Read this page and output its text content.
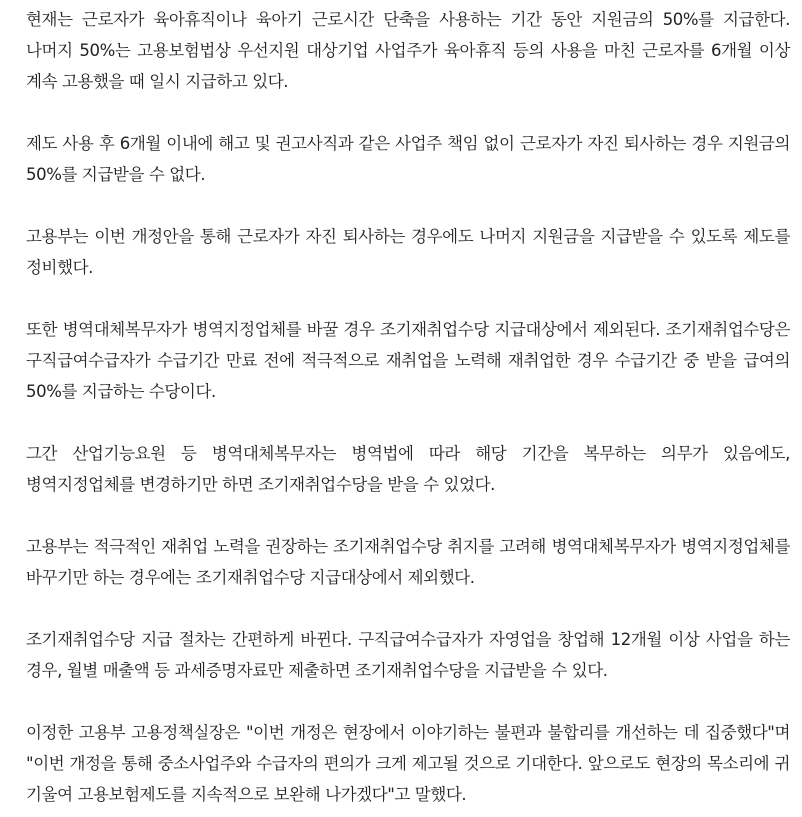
현재는 근로자가 육아휴직이나 육아기 근로시간 단축을 사용하는 기간 동안 지원금의 50%를 지급한다. 나머지 50%는 고용보험법상 우선지원 대상기업 사업주가 육아휴직 등의 사용을 마친 근로자를 6개월 이상 계속 고용했을 때 일시 지급하고 있다.

제도 사용 후 6개월 이내에 해고 및 권고사직과 같은 사업주 책임 없이 근로자가 자진 퇴사하는 경우 지원금의 50%를 지급받을 수 없다.

고용부는 이번 개정안을 통해 근로자가 자진 퇴사하는 경우에도 나머지 지원금을 지급받을 수 있도록 제도를 정비했다.

또한 병역대체복무자가 병역지정업체를 바꿀 경우 조기재취업수당 지급대상에서 제외된다. 조기재취업수당은 구직급여수급자가 수급기간 만료 전에 적극적으로 재취업을 노력해 재취업한 경우 수급기간 중 받을 급여의 50%를 지급하는 수당이다.

그간 산업기능요원 등 병역대체복무자는 병역법에 따라 해당 기간을 복무하는 의무가 있음에도, 병역지정업체를 변경하기만 하면 조기재취업수당을 받을 수 있었다.

고용부는 적극적인 재취업 노력을 권장하는 조기재취업수당 취지를 고려해 병역대체복무자가 병역지정업체를 바꾸기만 하는 경우에는 조기재취업수당 지급대상에서 제외했다.

조기재취업수당 지급 절차는 간편하게 바뀐다. 구직급여수급자가 자영업을 창업해 12개월 이상 사업을 하는 경우, 월별 매출액 등 과세증명자료만 제출하면 조기재취업수당을 지급받을 수 있다.

이정한 고용부 고용정책실장은 "이번 개정은 현장에서 이야기하는 불편과 불합리를 개선하는 데 집중했다"며 "이번 개정을 통해 중소사업주와 수급자의 편의가 크게 제고될 것으로 기대한다. 앞으로도 현장의 목소리에 귀 기울여 고용보험제도를 지속적으로 보완해 나가겠다"고 말했다.
